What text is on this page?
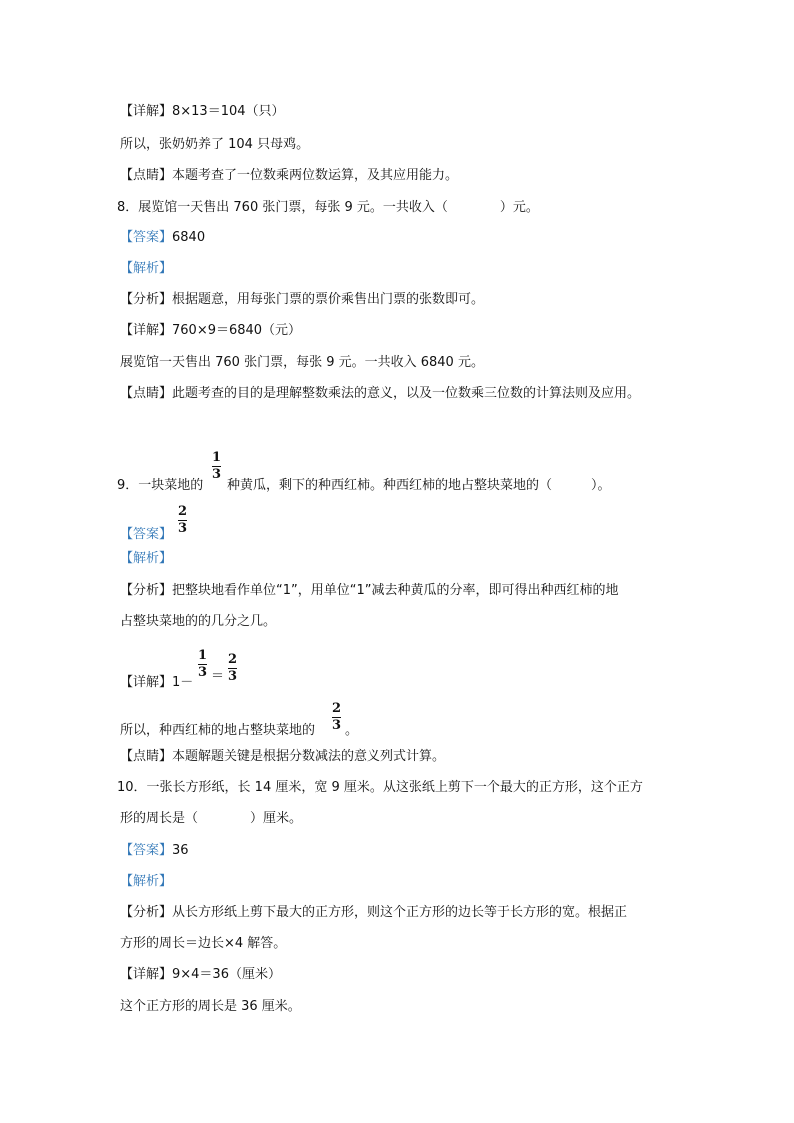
【详解】8×13＝104（只）
所以，张奶奶养了 104 只母鸡。
【点睛】本题考查了一位数乘两位数运算，及其应用能力。
8．展览馆一天售出 760 张门票，每张 9 元。一共收入（　　　　）元。
【答案】6840
【解析】
【分析】根据题意，用每张门票的票价乘售出门票的张数即可。
【详解】760×9＝6840（元）
展览馆一天售出 760 张门票，每张 9 元。一共收入 6840 元。
【点睛】此题考查的目的是理解整数乘法的意义，以及一位数乘三位数的计算法则及应用。
9．一块菜地的
1
3
种黄瓜，剩下的种西红柿。种西红柿的地占整块菜地的（　　　）。
【答案】
2
3
【解析】
【分析】把整块地看作单位“1”，用单位“1”减去种黄瓜的分率，即可得出种西红柿的地
占整块菜地的的几分之几。
【详解】1－
1
3 ＝
2
3
所以，种西红柿的地占整块菜地的
2
3 。
【点睛】本题解题关键是根据分数减法的意义列式计算。
10．一张长方形纸，长 14 厘米，宽 9 厘米。从这张纸上剪下一个最大的正方形，这个正方
形的周长是（　　　　）厘米。
【答案】36
【解析】
【分析】从长方形纸上剪下最大的正方形，则这个正方形的边长等于长方形的宽。根据正
方形的周长＝边长×4 解答。
【详解】9×4＝36（厘米）
这个正方形的周长是 36 厘米。
